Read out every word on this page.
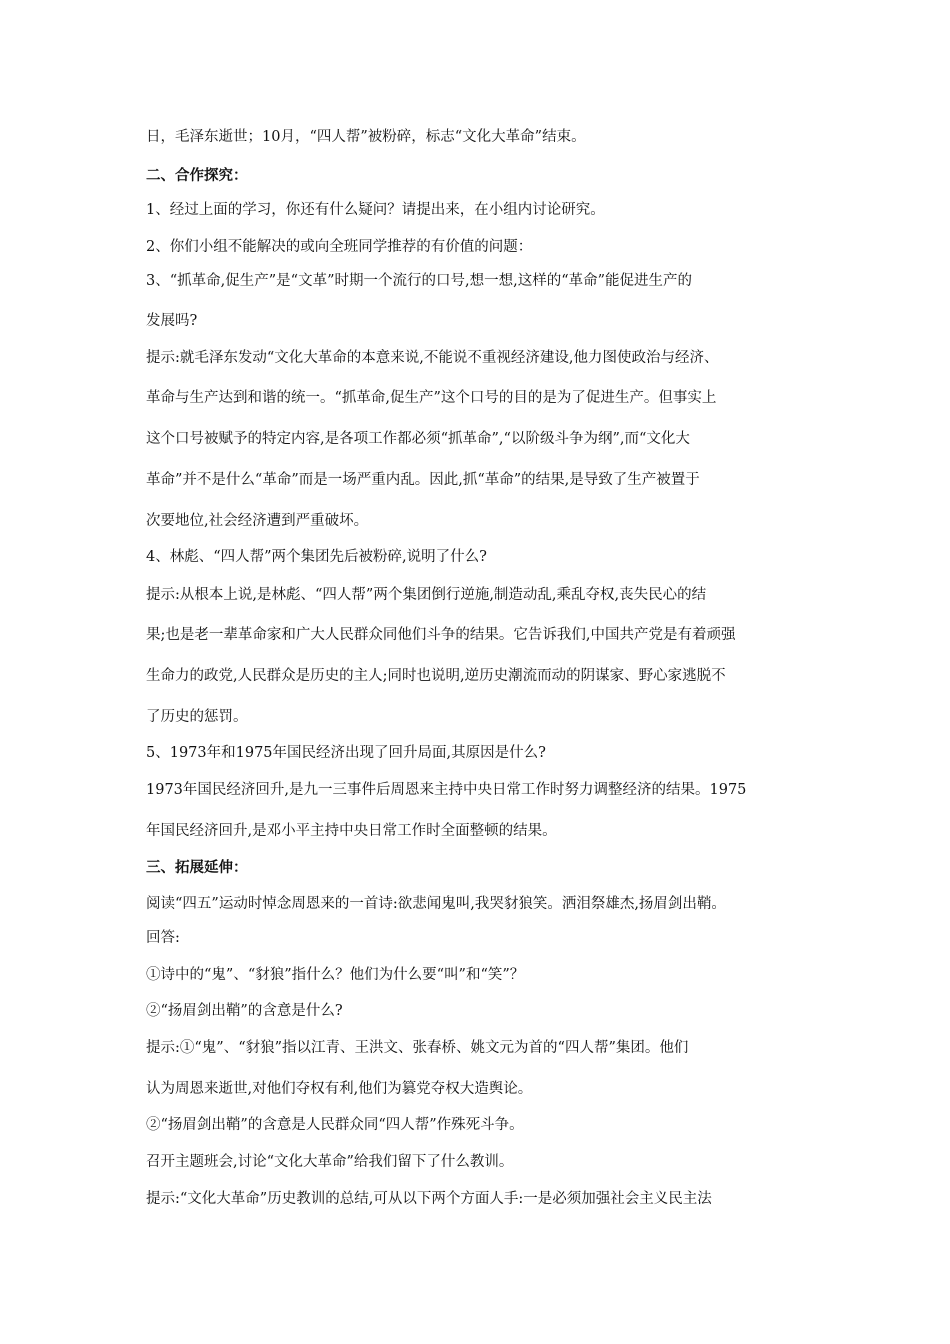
日，毛泽东逝世；10月，“四人帮”被粉碎，标志“文化大革命”结束。
二、合作探究：
1、经过上面的学习，你还有什么疑问？请提出来，在小组内讨论研究。
2、你们小组不能解决的或向全班同学推荐的有价值的问题：
3、“抓革命,促生产”是“文革”时期一个流行的口号,想一想,这样的“革命”能促进生产的
发展吗?
提示:就毛泽东发动“文化大革命的本意来说,不能说不重视经济建设,他力图使政治与经济、
革命与生产达到和谐的统一。“抓革命,促生产”这个口号的目的是为了促进生产。但事实上
这个口号被赋予的特定内容,是各项工作都必须“抓革命”,“以阶级斗争为纲”,而“文化大
革命”并不是什么“革命”而是一场严重内乱。因此,抓“革命”的结果,是导致了生产被置于
次要地位,社会经济遭到严重破坏。
4、林彪、“四人帮”两个集团先后被粉碎,说明了什么?
提示:从根本上说,是林彪、“四人帮”两个集团倒行逆施,制造动乱,乘乱夺权,丧失民心的结
果;也是老一辈革命家和广大人民群众同他们斗争的结果。它告诉我们,中国共产党是有着顽强
生命力的政党,人民群众是历史的主人;同时也说明,逆历史潮流而动的阴谋家、野心家逃脱不
了历史的惩罚。
5、1973年和1975年国民经济出现了回升局面,其原因是什么?
1973年国民经济回升,是九一三事件后周恩来主持中央日常工作时努力调整经济的结果。1975
年国民经济回升,是邓小平主持中央日常工作时全面整顿的结果。
三、拓展延伸：
阅读“四五”运动时悼念周恩来的一首诗:欲悲闻鬼叫,我哭豺狼笑。洒泪祭雄杰,扬眉剑出鞘。
回答:
①诗中的“鬼”、“豺狼”指什么？他们为什么要“叫”和“笑”？
②“扬眉剑出鞘”的含意是什么?
提示:①“鬼”、“豺狼”指以江青、王洪文、张春桥、姚文元为首的“四人帮”集团。他们
认为周恩来逝世,对他们夺权有利,他们为篡党夺权大造舆论。
②“扬眉剑出鞘”的含意是人民群众同“四人帮”作殊死斗争。
召开主题班会,讨论“文化大革命”给我们留下了什么教训。
提示:“文化大革命”历史教训的总结,可从以下两个方面人手:一是必须加强社会主义民主法
